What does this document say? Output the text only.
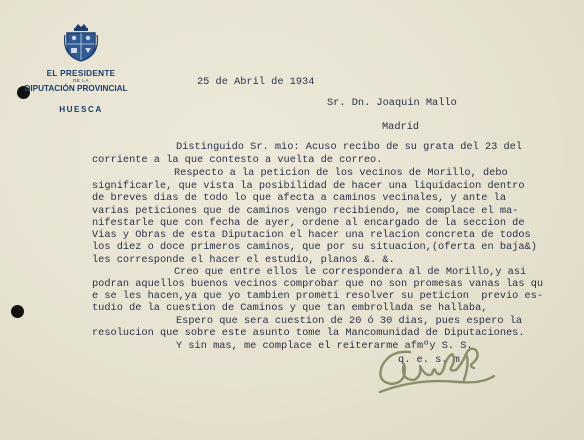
EL PRESIDENTE
DE LA
DIPUTACIÓN PROVINCIAL
HUESCA
25 de Abril de 1934
Sr. Dn. Joaquin Mallo
Madrid
Distinguido Sr. mio: Acuso recibo de su grata del 23 del
corriente a la que contesto a vuelta de correo.
Respecto a la peticion de los vecinos de Morillo, debo
significarle, que vista la posibilidad de hacer una liquidacion dentro
de breves dias de todo lo que afecta a caminos vecinales, y ante la
varias peticiones que de caminos vengo recibiendo, me complace el ma-
nifestarle que con fecha de ayer, ordene al encargado de la seccion de
Vias y Obras de esta Diputacion el hacer una relacion concreta de todos
los diez o doce primeros caminos, que por su situacion,(oferta en baja&)
les corresponde el hacer el estudio, planos &. &.
Creo que entre ellos le correspondera al de Morillo,y asi
podran aquellos buenos vecinos comprobar que no son promesas vanas las qu
e se les hacen,ya que yo tambien prometi resolver su peticion  previo es-
tudio de la cuestion de Caminos y que tan embrollada se hallaba,
Espero que sera cuestion de 20 ó 30 dias, pues espero la
resolucion que sobre este asunto tome la Mancomunidad de Diputaciones.
Y sin mas, me complace el reiterarme afmºy S. S.
q. e. s. m.
